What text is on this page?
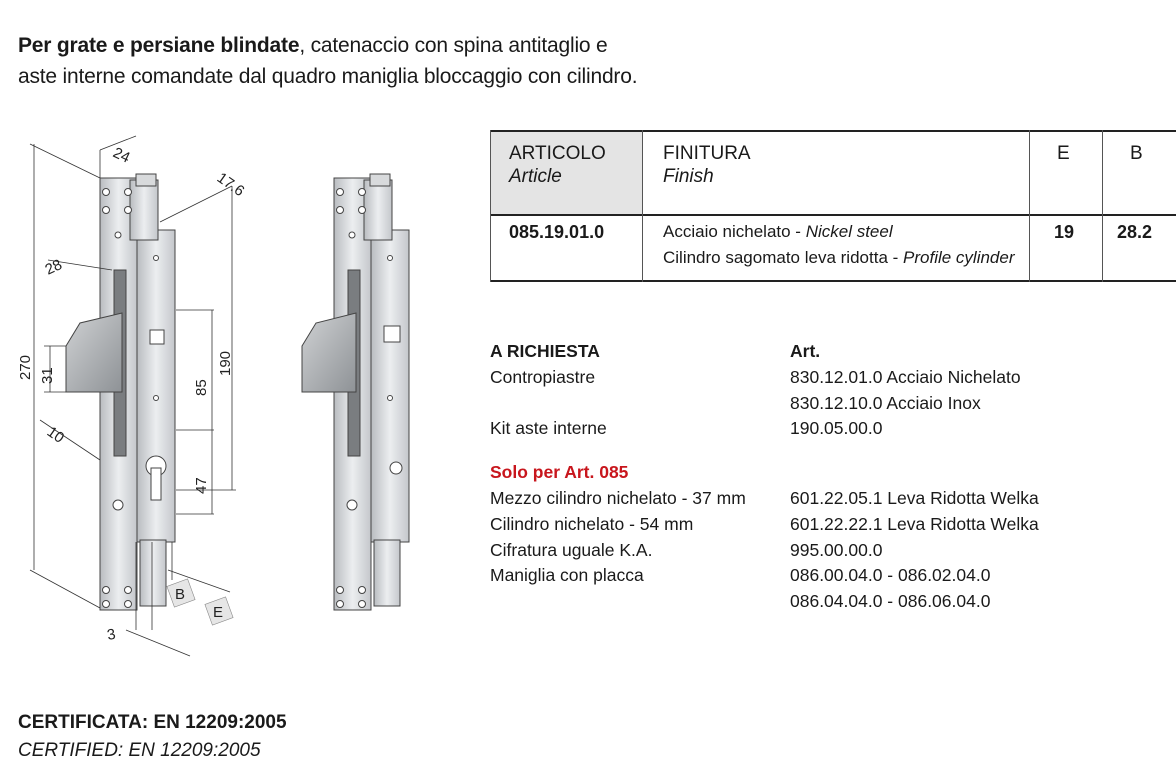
Per grate e persiane blindate, catenaccio con spina antitaglio e
aste interne comandate dal quadro maniglia bloccaggio con cilindro.
24
17.6
28
270 31
10
85
190
47
3
B
E
ARTICOLO
Article
FINITURA
Finish
E	B
085.19.01.0	Acciaio nichelato - Nickel steel
Cilindro sagomato leva ridotta - Profile cylinder
19 28.2
A RICHIESTA
Contropiastre

Kit aste interne
Solo per Art. 085
Mezzo cilindro nichelato - 37 mm
Cilindro nichelato - 54 mm
Cifratura uguale K.A.
Maniglia con placca
Art.
830.12.01.0 Acciaio Nichelato
830.12.10.0 Acciaio Inox
190.05.00.0

601.22.05.1 Leva Ridotta Welka
601.22.22.1 Leva Ridotta Welka
995.00.00.0
086.00.04.0 - 086.02.04.0
086.04.04.0 - 086.06.04.0
CERTIFICATA: EN 12209:2005
CERTIFIED: EN 12209:2005
